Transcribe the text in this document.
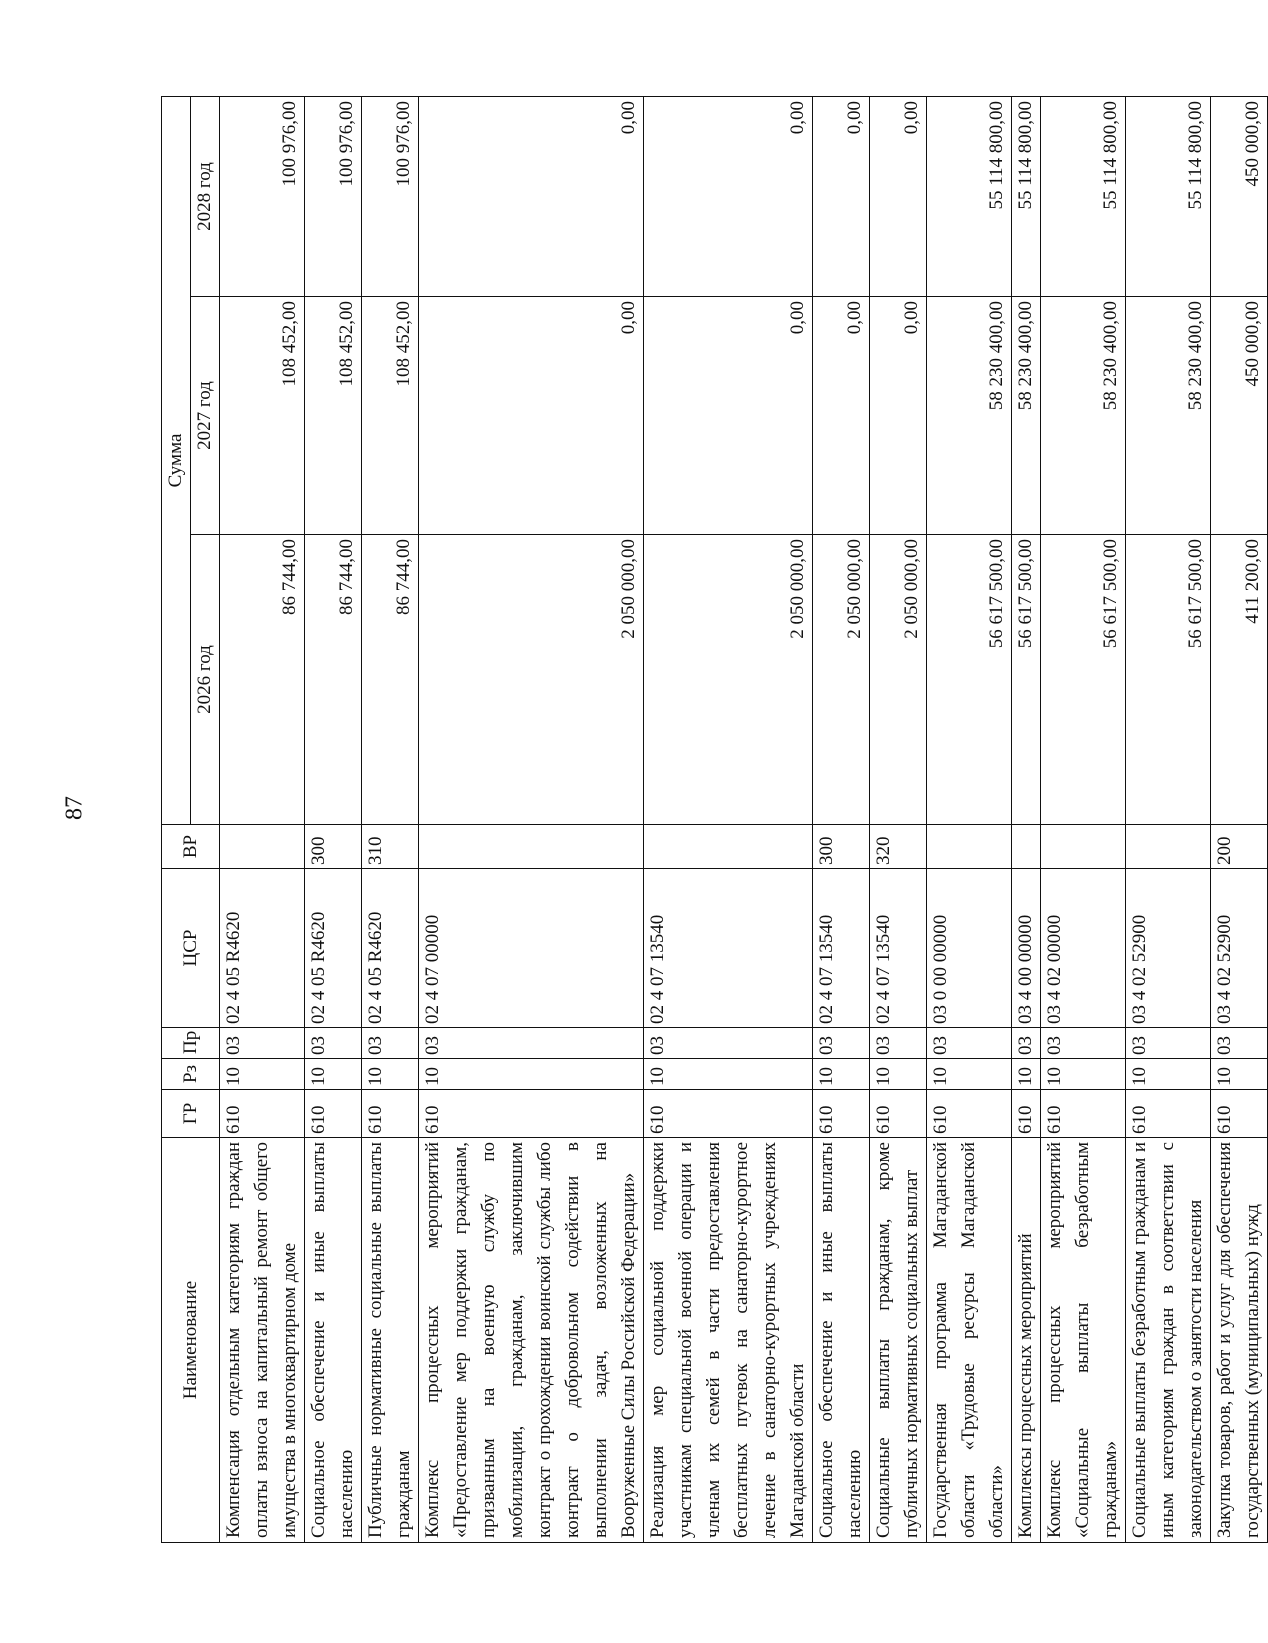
87
Наименование	ГР	Рз	Пр	ЦСР	ВР	Сумма		
						2026 год	2027 год	2028 год
Компенсация отдельным категориям граждан оплаты взноса на капитальный ремонт общего имущества в многоквартирном доме	610	10	03	02 4 05 R4620		86 744,00	108 452,00	100 976,00
Социальное обеспечение и иные выплаты населению	610	10	03	02 4 05 R4620	300	86 744,00	108 452,00	100 976,00
Публичные нормативные социальные выплаты гражданам	610	10	03	02 4 05 R4620	310	86 744,00	108 452,00	100 976,00
Комплекс процессных мероприятий «Предоставление мер поддержки гражданам, призванным на военную службу по мобилизации, гражданам, заключившим контракт о прохождении воинской службы либо контракт о добровольном содействии в выполнении задач, возложенных на Вооруженные Силы Российской Федерации»	610	10	03	02 4 07 00000		2 050 000,00	0,00	0,00
Реализация мер социальной поддержки участникам специальной военной операции и членам их семей в части предоставления бесплатных путевок на санаторно-курортное лечение в санаторно-курортных учреждениях Магаданской области	610	10	03	02 4 07 13540		2 050 000,00	0,00	0,00
Социальное обеспечение и иные выплаты населению	610	10	03	02 4 07 13540	300	2 050 000,00	0,00	0,00
Социальные выплаты гражданам, кроме публичных нормативных социальных выплат	610	10	03	02 4 07 13540	320	2 050 000,00	0,00	0,00
Государственная программа Магаданской области «Трудовые ресурсы Магаданской области»	610	10	03	03 0 00 00000		56 617 500,00	58 230 400,00	55 114 800,00
Комплексы процессных мероприятий	610	10	03	03 4 00 00000		56 617 500,00	58 230 400,00	55 114 800,00
Комплекс процессных мероприятий «Социальные выплаты безработным гражданам»	610	10	03	03 4 02 00000		56 617 500,00	58 230 400,00	55 114 800,00
Социальные выплаты безработным гражданам и иным категориям граждан в соответствии с законодательством о занятости населения	610	10	03	03 4 02 52900		56 617 500,00	58 230 400,00	55 114 800,00
Закупка товаров, работ и услуг для обеспечения государственных (муниципальных) нужд	610	10	03	03 4 02 52900	200	411 200,00	450 000,00	450 000,00
